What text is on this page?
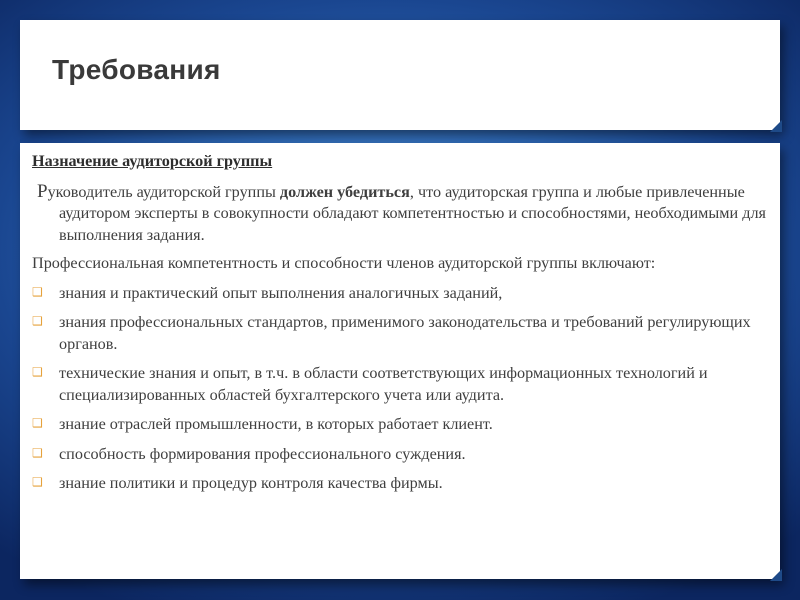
Требования
Назначение аудиторской группы
Руководитель аудиторской группы должен убедиться, что аудиторская группа и любые привлеченные аудитором эксперты в совокупности обладают компетентностью и способностями, необходимыми для выполнения задания.
Профессиональная компетентность и способности членов аудиторской группы включают:
❑ знания и практический опыт выполнения аналогичных заданий,
❑ знания профессиональных стандартов, применимого законодательства и требований регулирующих органов.
❑ технические знания и опыт, в т.ч. в области соответствующих информационных технологий и специализированных областей бухгалтерского учета или аудита.
❑ знание отраслей промышленности, в которых работает клиент.
❑ способность формирования профессионального суждения.
❑ знание политики и процедур контроля качества фирмы.
